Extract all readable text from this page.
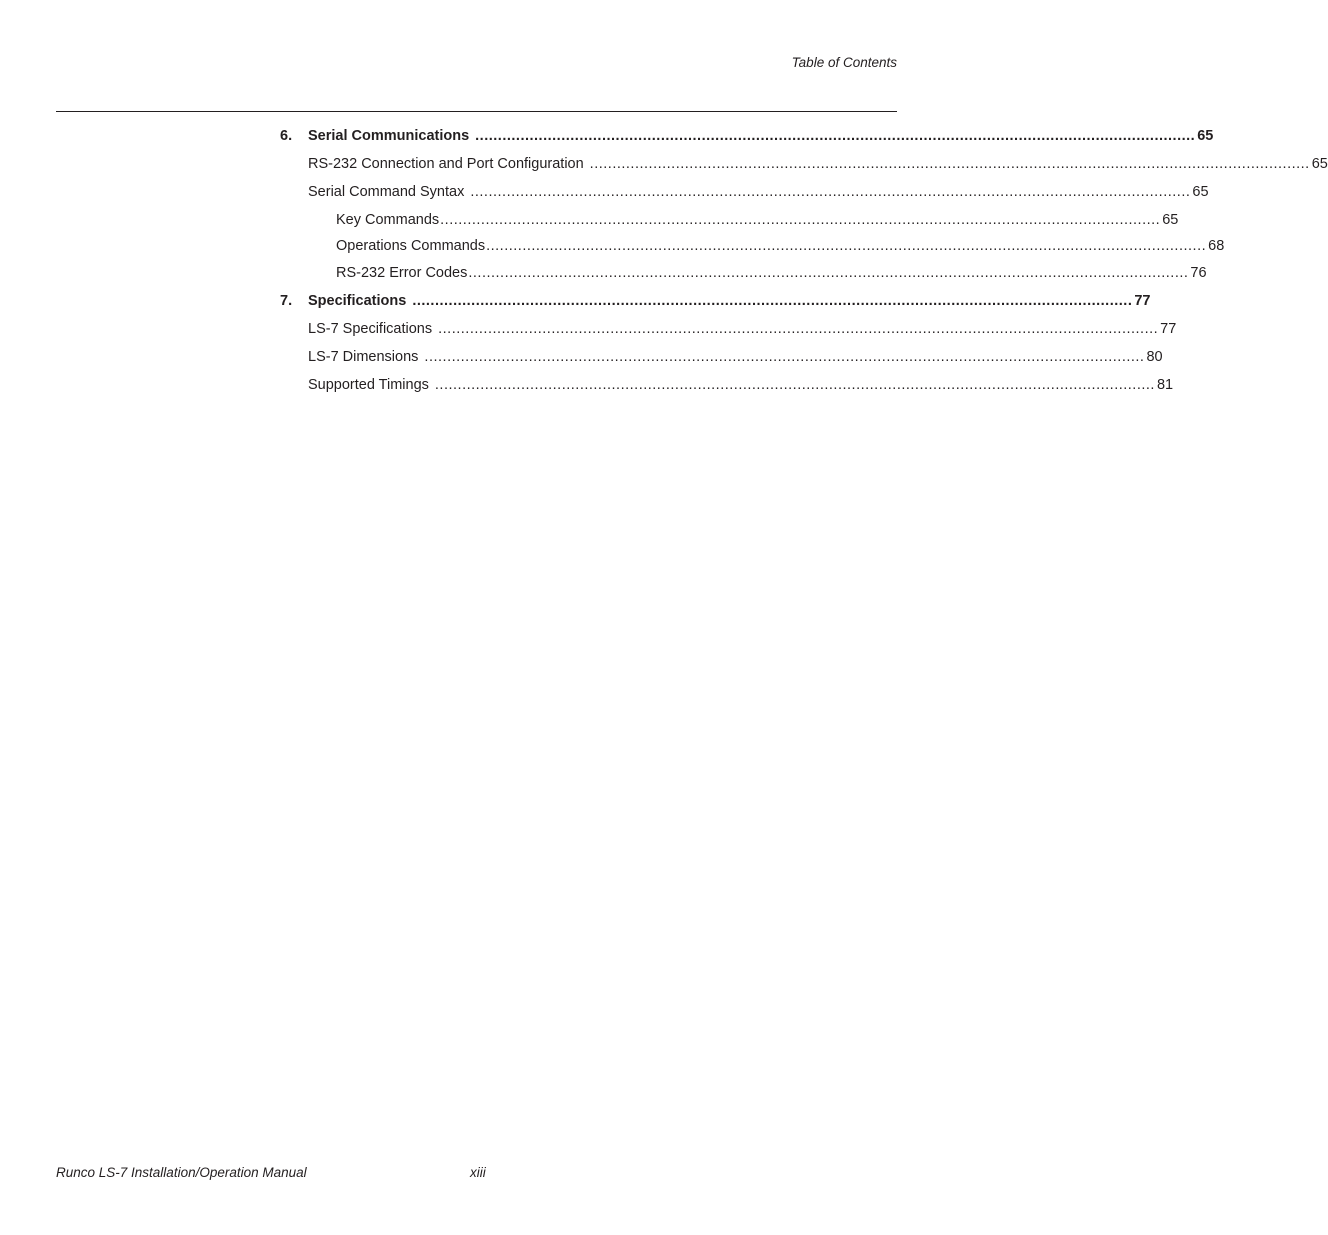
Table of Contents
6. Serial Communications ............................................................................................................................................................... 65
RS-232 Connection and Port Configuration ............................................................................................................................................................... 65
Serial Command Syntax ............................................................................................................................................................... 65
Key Commands ............................................................................................................................................................... 65
Operations Commands ............................................................................................................................................................... 68
RS-232 Error Codes ............................................................................................................................................................... 76
7. Specifications ............................................................................................................................................................... 77
LS-7 Specifications ............................................................................................................................................................... 77
LS-7 Dimensions ............................................................................................................................................................... 80
Supported Timings ............................................................................................................................................................... 81
Runco LS-7 Installation/Operation Manual	xiii
